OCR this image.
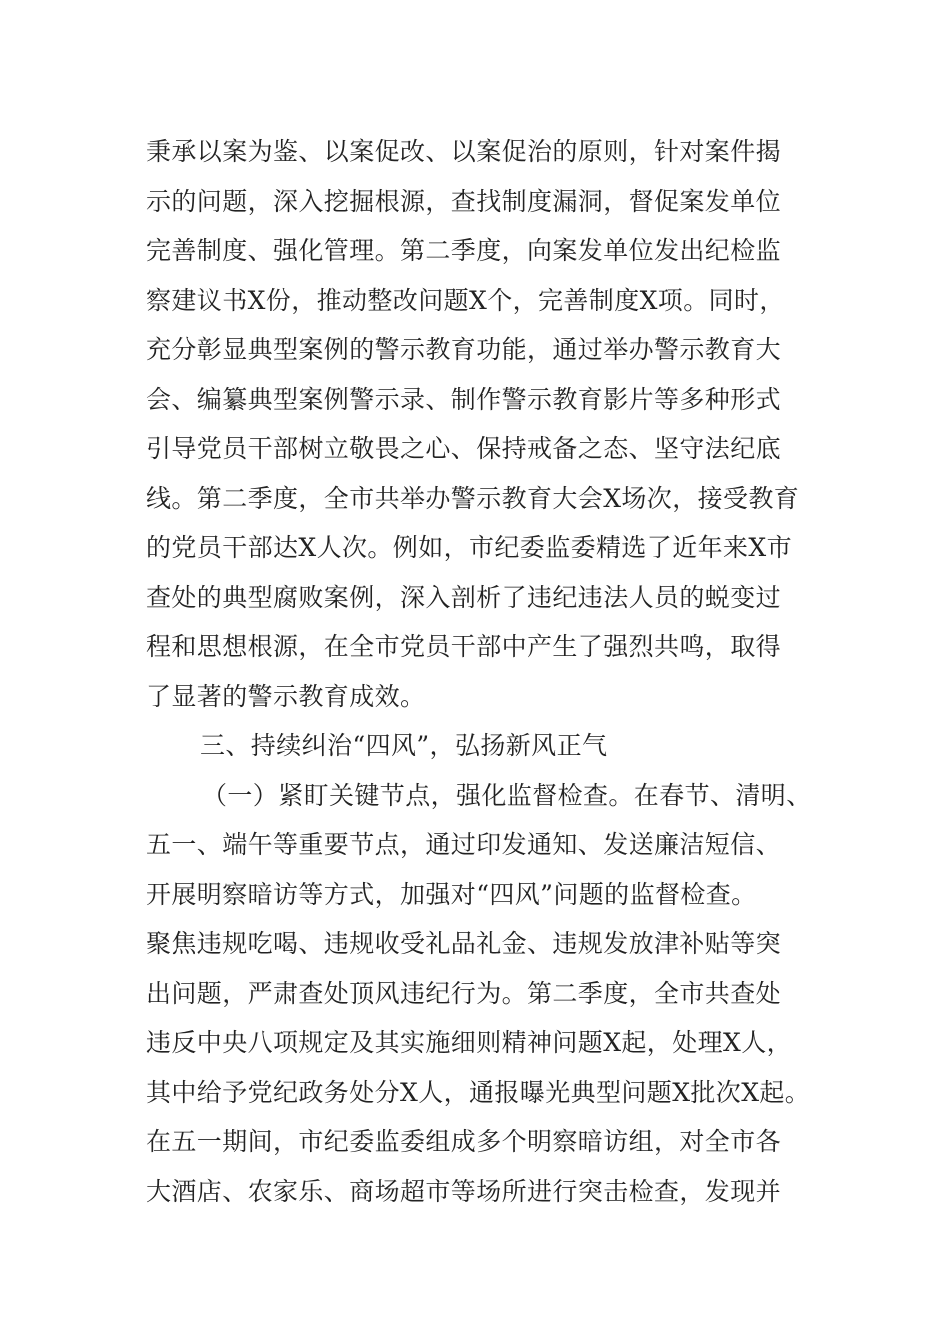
秉承以案为鉴、以案促改、以案促治的原则，针对案件揭
示的问题，深入挖掘根源，查找制度漏洞，督促案发单位
完善制度、强化管理。第二季度，向案发单位发出纪检监
察建议书X份，推动整改问题X个，完善制度X项。同时，
充分彰显典型案例的警示教育功能，通过举办警示教育大
会、编纂典型案例警示录、制作警示教育影片等多种形式
引导党员干部树立敬畏之心、保持戒备之态、坚守法纪底
线。第二季度，全市共举办警示教育大会X场次，接受教育
的党员干部达X人次。例如，市纪委监委精选了近年来X市
查处的典型腐败案例，深入剖析了违纪违法人员的蜕变过
程和思想根源，在全市党员干部中产生了强烈共鸣，取得
了显著的警示教育成效。
三、持续纠治“四风”，弘扬新风正气
（一）紧盯关键节点，强化监督检查。在春节、清明、
五一、端午等重要节点，通过印发通知、发送廉洁短信、
开展明察暗访等方式，加强对“四风”问题的监督检查。
聚焦违规吃喝、违规收受礼品礼金、违规发放津补贴等突
出问题，严肃查处顶风违纪行为。第二季度，全市共查处
违反中央八项规定及其实施细则精神问题X起，处理X人，
其中给予党纪政务处分X人，通报曝光典型问题X批次X起。
在五一期间，市纪委监委组成多个明察暗访组，对全市各
大酒店、农家乐、商场超市等场所进行突击检查，发现并
